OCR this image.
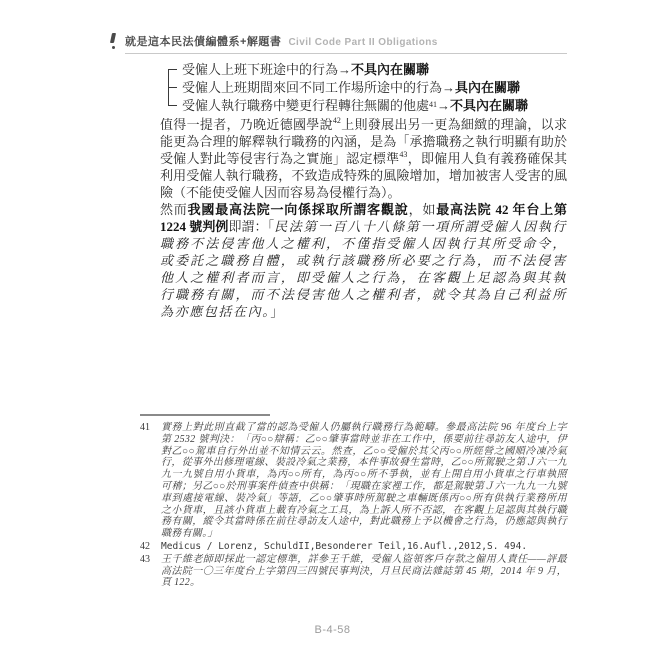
就是這本民法債編體系+解題書 Civil Code Part II Obligations
受僱人上班下班途中的行為 → 不具內在關聯
受僱人上班期間來回不同工作場所途中的行為 → 具內在關聯
受僱人執行職務中變更行程轉往無關的他處 41 → 不具內在關聯

值得一提者，乃晚近德國學說$^{42}$上則發展出另一更為細緻的理論，以求能更為合理的解釋執行職務的內涵，是為「承擔職務之執行明顯有助於受僱人對此等侵害行為之實施」認定標準$^{43}$，即僱用人負有義務確保其利用受僱人執行職務，不致造成特殊的風險增加，增加被害人受害的風險（不能使受僱人因而容易為侵權行為）。

然而我國最高法院一向係採取所謂客觀說，如最高法院 42 年台上第 1224 號判例即謂：「民法第一百八十八條第一項所謂受僱人因執行職務不法侵害他人之權利，不僅指受僱人因執行其所受命令，或委託之職務自體，或執行該職務所必要之行為，而不法侵害他人之權利者而言，即受僱人之行為，在客觀上足認為與其執行職務有關，而不法侵害他人之權利者，就令其為自己利益所為亦應包括在內。」

41	實務上對此則直截了當的認為受僱人仍屬執行職務行為範疇。參最高法院 96 年度台上字第 2532 號判決：「丙○○辯稱：乙○○肇事當時並非在工作中，係要前往尋訪友人途中，伊對乙○○駕車自行外出並不知情云云。然查，乙○○受僱於其父丙○○所經營之國順冷凍冷氣行，從事外出修理電線、裝設冷氣之業務，本件事故發生當時，乙○○所駕駛之第Ｊ六一九九一九號自用小貨車，為丙○○所有，為丙○○所不爭執，並有上開自用小貨車之行車執照可稽；另乙○○於刑事案件偵查中供稱：「現職在家裡工作，都是駕駛第Ｊ六一九九一九號車到處接電線、裝冷氣」等語，乙○○肇事時所駕駛之車輛既係丙○○所有供執行業務所用之小貨車，且該小貨車上載有冷氣之工具，為上訴人所不否認，在客觀上足認與其執行職務有關，縱令其當時係在前往尋訪友人途中，對此職務上予以機會之行為，仍應認與執行職務有關。」
42	Medicus / Lorenz, SchuldII,Besonderer Teil,16.Aufl.,2012,S. 494.
43	王千維老師即採此一認定標準，詳參王千維，受僱人盜領客戶存款之僱用人責任——評最高法院一〇三年度台上字第四三四號民事判決，月旦民商法雜誌第 45 期，2014 年 9 月，頁 122。
B-4-58
